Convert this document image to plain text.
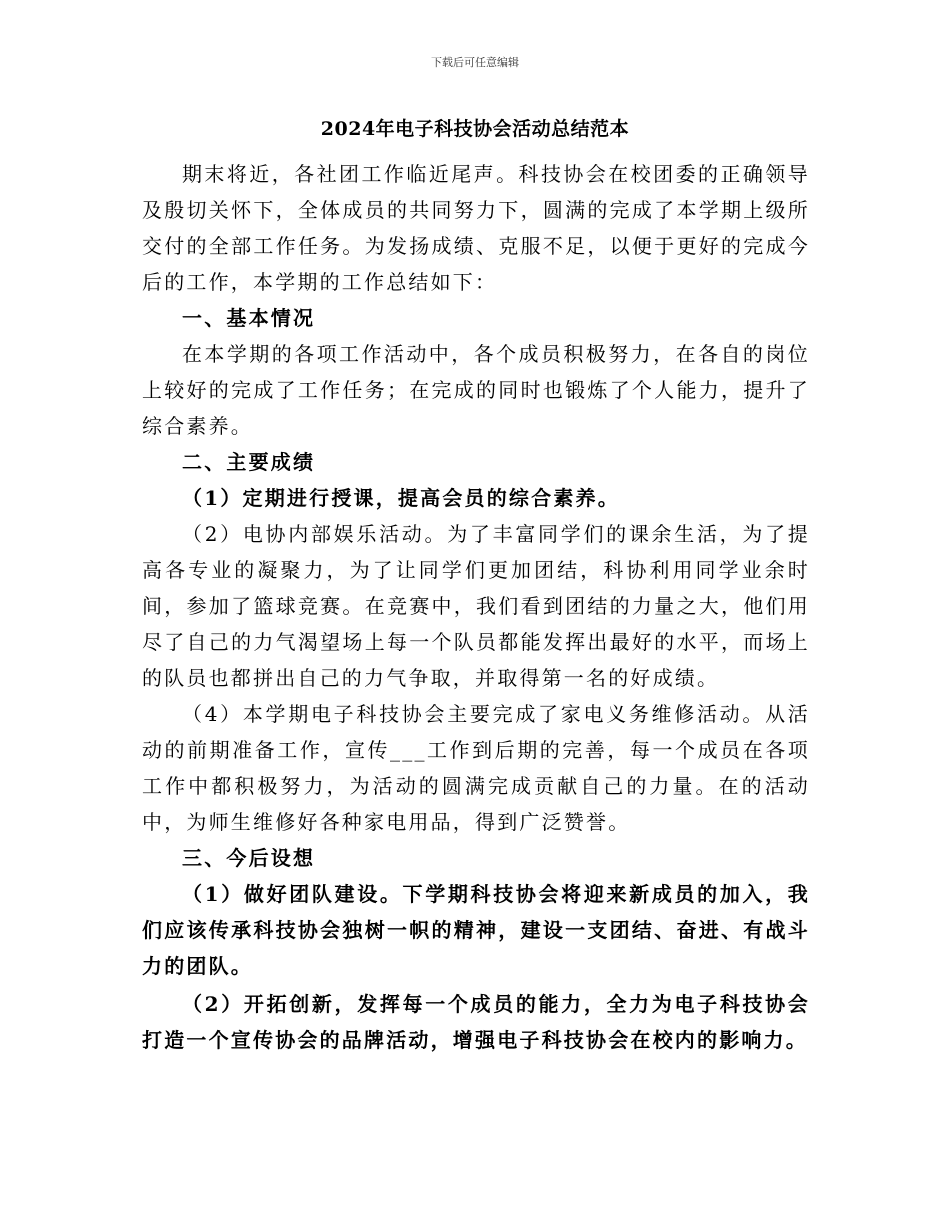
下载后可任意编辑
2024年电子科技协会活动总结范本

期末将近，各社团工作临近尾声。科技协会在校团委的正确领导及殷切关怀下，全体成员的共同努力下，圆满的完成了本学期上级所交付的全部工作任务。为发扬成绩、克服不足，以便于更好的完成今后的工作，本学期的工作总结如下：

一、基本情况

在本学期的各项工作活动中，各个成员积极努力，在各自的岗位上较好的完成了工作任务；在完成的同时也锻炼了个人能力，提升了综合素养。

二、主要成绩

（1）定期进行授课，提高会员的综合素养。

（2）电协内部娱乐活动。为了丰富同学们的课余生活，为了提高各专业的凝聚力，为了让同学们更加团结，科协利用同学业余时间，参加了篮球竞赛。在竞赛中，我们看到团结的力量之大，他们用尽了自己的力气渴望场上每一个队员都能发挥出最好的水平，而场上的队员也都拼出自己的力气争取，并取得第一名的好成绩。

（4）本学期电子科技协会主要完成了家电义务维修活动。从活动的前期准备工作，宣传___工作到后期的完善，每一个成员在各项工作中都积极努力，为活动的圆满完成贡献自己的力量。在的活动中，为师生维修好各种家电用品，得到广泛赞誉。

三、今后设想

（1）做好团队建设。下学期科技协会将迎来新成员的加入，我们应该传承科技协会独树一帜的精神，建设一支团结、奋进、有战斗力的团队。

（2）开拓创新，发挥每一个成员的能力，全力为电子科技协会打造一个宣传协会的品牌活动，增强电子科技协会在校内的影响力。
